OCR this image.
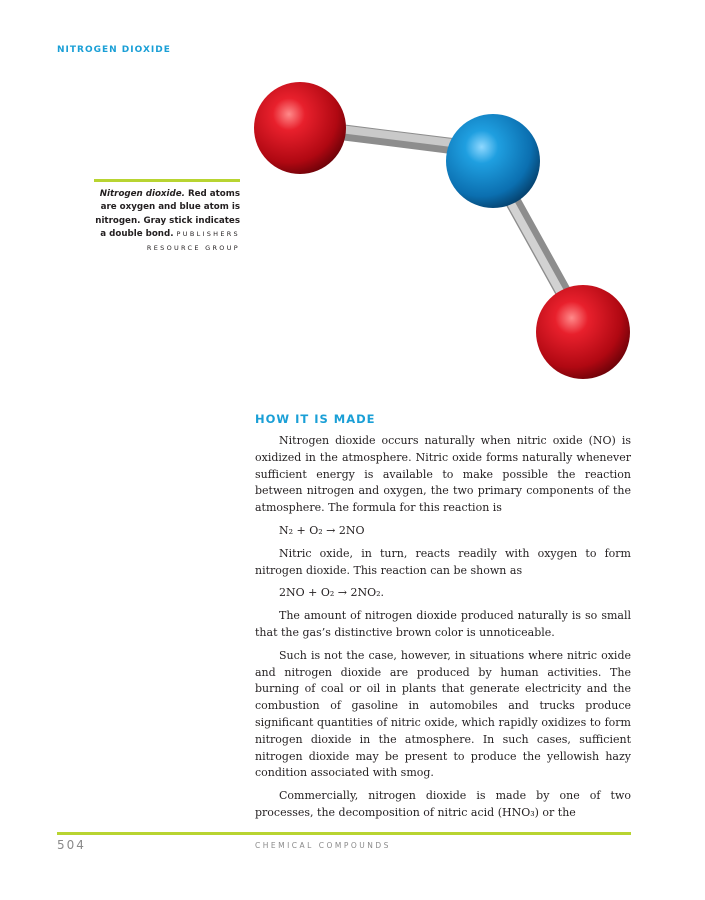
NITROGEN DIOXIDE
Nitrogen dioxide. Red atoms are oxygen and blue atom is nitrogen. Gray stick indicates a double bond. PUBLISHERS RESOURCE GROUP
HOW IT IS MADE

Nitrogen dioxide occurs naturally when nitric oxide (NO) is oxidized in the atmosphere. Nitric oxide forms naturally whenever sufficient energy is available to make possible the reaction between nitrogen and oxygen, the two primary components of the atmosphere. The formula for this reaction is

N₂ + O₂ → 2NO

Nitric oxide, in turn, reacts readily with oxygen to form nitrogen dioxide. This reaction can be shown as

2NO + O₂ → 2NO₂.

The amount of nitrogen dioxide produced naturally is so small that the gas’s distinctive brown color is unnoticeable.

Such is not the case, however, in situations where nitric oxide and nitrogen dioxide are produced by human activities. The burning of coal or oil in plants that generate electricity and the combustion of gasoline in automobiles and trucks produce significant quantities of nitric oxide, which rapidly oxidizes to form nitrogen dioxide in the atmosphere. In such cases, sufficient nitrogen dioxide may be present to produce the yellowish hazy condition associated with smog.

Commercially, nitrogen dioxide is made by one of two processes, the decomposition of nitric acid (HNO₃) or the

504	CHEMICAL COMPOUNDS
